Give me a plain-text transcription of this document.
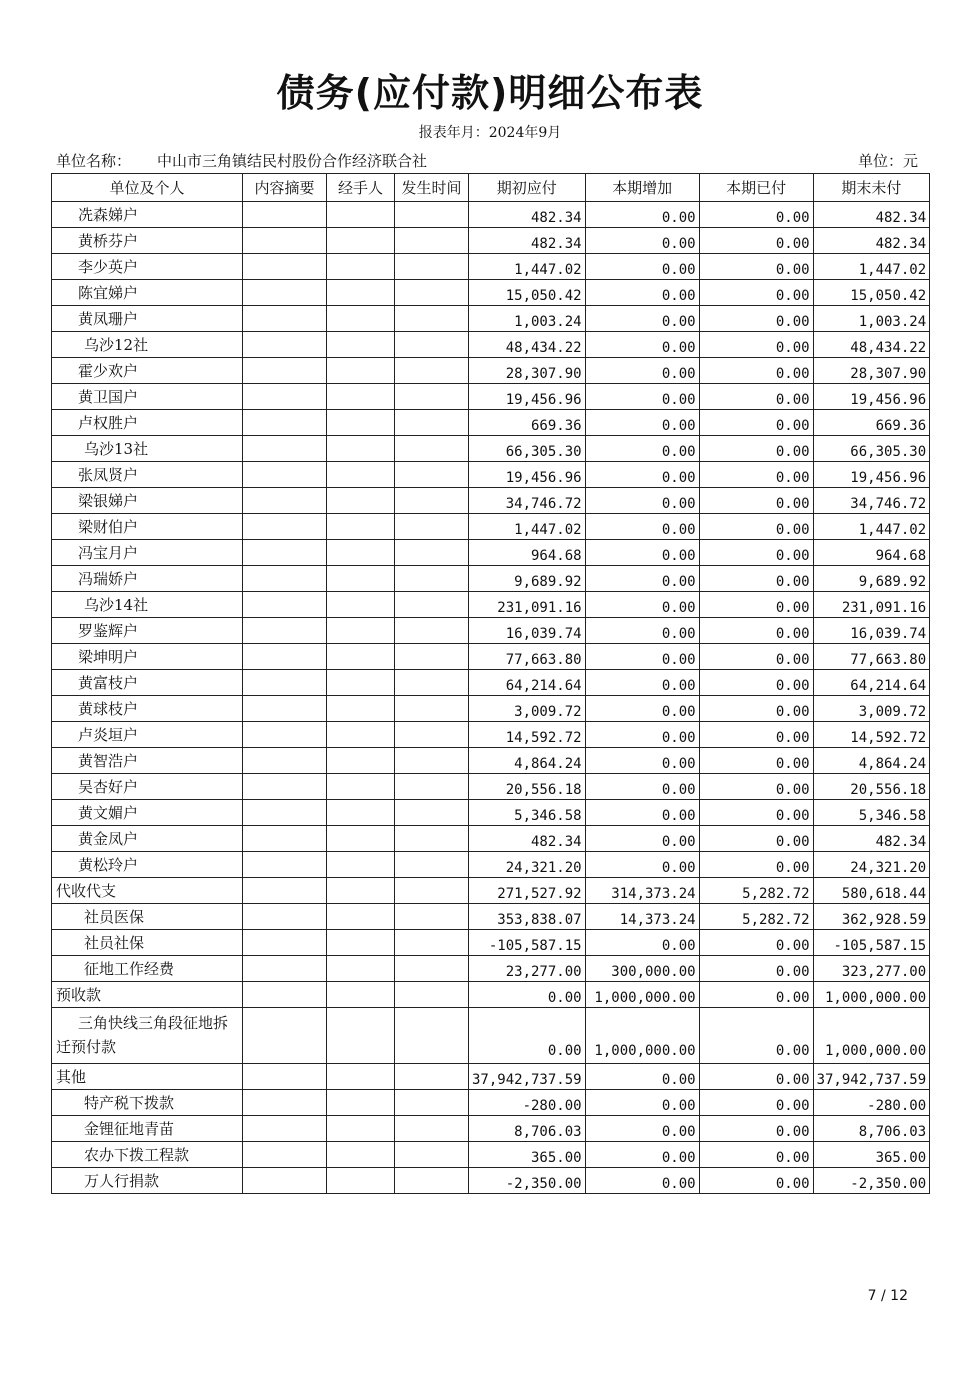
债务(应付款)明细公布表
报表年月：2024年9月
单位名称： 中山市三角镇结民村股份合作经济联合社	单位：元
单位及个人	内容摘要	经手人	发生时间	期初应付	本期增加	本期已付	期末未付
冼森娣户				482.34	0.00	0.00	482.34
黄桥芬户				482.34	0.00	0.00	482.34
李少英户				1,447.02	0.00	0.00	1,447.02
陈宜娣户				15,050.42	0.00	0.00	15,050.42
黄凤珊户				1,003.24	0.00	0.00	1,003.24
乌沙12社				48,434.22	0.00	0.00	48,434.22
霍少欢户				28,307.90	0.00	0.00	28,307.90
黄卫国户				19,456.96	0.00	0.00	19,456.96
卢权胜户				669.36	0.00	0.00	669.36
乌沙13社				66,305.30	0.00	0.00	66,305.30
张凤贤户				19,456.96	0.00	0.00	19,456.96
梁银娣户				34,746.72	0.00	0.00	34,746.72
梁财伯户				1,447.02	0.00	0.00	1,447.02
冯宝月户				964.68	0.00	0.00	964.68
冯瑞娇户				9,689.92	0.00	0.00	9,689.92
乌沙14社				231,091.16	0.00	0.00	231,091.16
罗鉴辉户				16,039.74	0.00	0.00	16,039.74
梁坤明户				77,663.80	0.00	0.00	77,663.80
黄富枝户				64,214.64	0.00	0.00	64,214.64
黄球枝户				3,009.72	0.00	0.00	3,009.72
卢炎垣户				14,592.72	0.00	0.00	14,592.72
黄智浩户				4,864.24	0.00	0.00	4,864.24
吴杏好户				20,556.18	0.00	0.00	20,556.18
黄文媚户				5,346.58	0.00	0.00	5,346.58
黄金凤户				482.34	0.00	0.00	482.34
黄松玲户				24,321.20	0.00	0.00	24,321.20
代收代支				271,527.92	314,373.24	5,282.72	580,618.44
社员医保				353,838.07	14,373.24	5,282.72	362,928.59
社员社保				-105,587.15	0.00	0.00	-105,587.15
征地工作经费				23,277.00	300,000.00	0.00	323,277.00
预收款				0.00	1,000,000.00	0.00	1,000,000.00
三角快线三角段征地拆迁预付款				0.00	1,000,000.00	0.00	1,000,000.00
其他				37,942,737.59	0.00	0.00	37,942,737.59
特产税下拨款				-280.00	0.00	0.00	-280.00
金锂征地青苗				8,706.03	0.00	0.00	8,706.03
农办下拨工程款				365.00	0.00	0.00	365.00
万人行捐款				-2,350.00	0.00	0.00	-2,350.00
7 / 12
